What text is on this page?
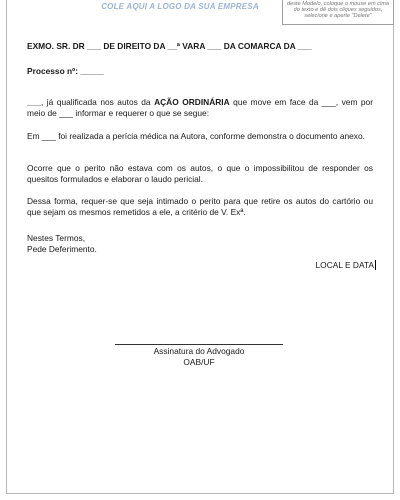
COLE AQUI A LOGO DA SUA EMPRESA	deste Modelo, coloque o mouse em cima do texto e dê dois cliques seguidos, selecione e aperte "Delete"
EXMO. SR. DR ___ DE DIREITO DA __ª VARA ___ DA COMARCA DA ___
Processo nº: _____
___, já qualificada nos autos da AÇÃO ORDINÁRIA que move em face da ___, vem por meio de ___ informar e requerer o que se segue:
Em ___ foi realizada a perícia médica na Autora, conforme demonstra o documento anexo.
Ocorre que o perito não estava com os autos, o que o impossibilitou de responder os quesitos formulados e elaborar o laudo pericial.
Dessa forma, requer-se que seja intimado o perito para que retire os autos do cartório ou que sejam os mesmos remetidos a ele, a critério de V. Exª.
Nestes Termos,
Pede Deferimento.
LOCAL E DATA
Assinatura do Advogado
OAB/UF
